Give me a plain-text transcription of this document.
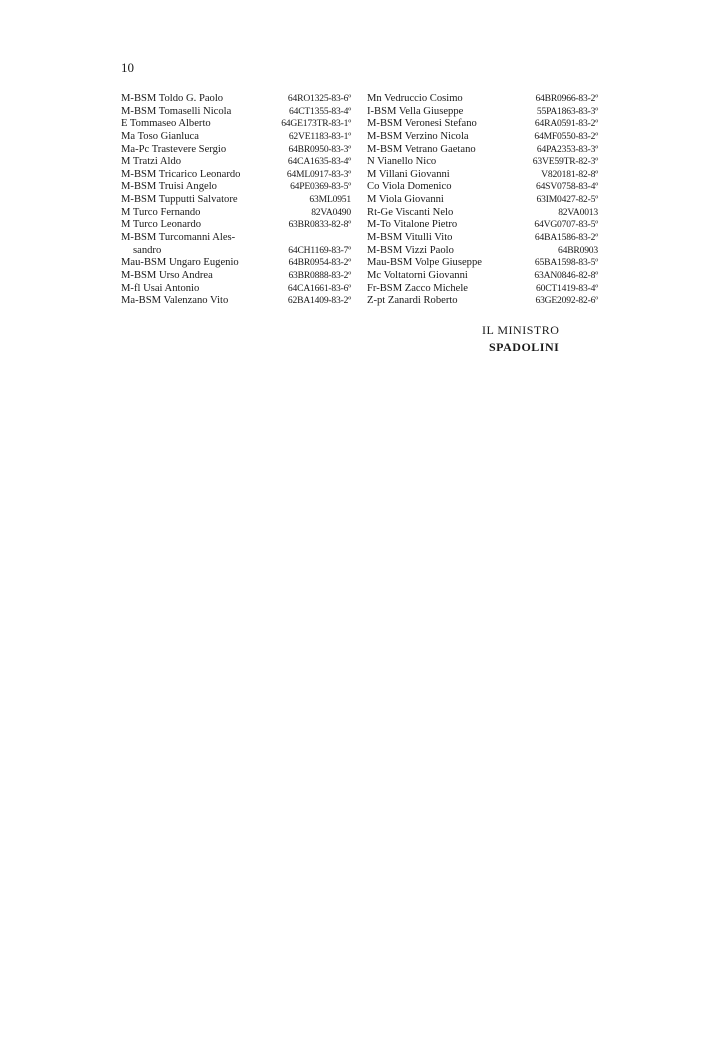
10
M-BSM Toldo G. Paolo	64RO1325-83-6º
M-BSM Tomaselli Nicola	64CT1355-83-4º
E Tommaseo Alberto	64GE173TR-83-1º
Ma Toso Gianluca	62VE1183-83-1º
Ma-Pc Trastevere Sergio	64BR0950-83-3º
M Tratzi Aldo	64CA1635-83-4º
M-BSM Tricarico Leonardo	64ML0917-83-3º
M-BSM Truisi Angelo	64PE0369-83-5º
M-BSM Tupputti Salvatore	63ML0951
M Turco Fernando	82VA0490
M Turco Leonardo	63BR0833-82-8º
M-BSM Turcomanni Ales-
sandro	64CH1169-83-7º
Mau-BSM Ungaro Eugenio	64BR0954-83-2º
M-BSM Urso Andrea	63BR0888-83-2º
M-fl Usai Antonio	64CA1661-83-6º
Ma-BSM Valenzano Vito	62BA1409-83-2º
Mn Vedruccio Cosimo	64BR0966-83-2º
I-BSM Vella Giuseppe	55PA1863-83-3º
M-BSM Veronesi Stefano	64RA0591-83-2º
M-BSM Verzino Nicola	64MF0550-83-2º
M-BSM Vetrano Gaetano	64PA2353-83-3º
N Vianello Nico	63VE59TR-82-3º
M Villani Giovanni	V820181-82-8º
Co Viola Domenico	64SV0758-83-4º
M Viola Giovanni	63IM0427-82-5º
Rt-Ge Viscanti Nelo	82VA0013
M-To Vitalone Pietro	64VG0707-83-5º
M-BSM Vitulli Vito	64BA1586-83-2º
M-BSM Vizzi Paolo	64BR0903
Mau-BSM Volpe Giuseppe	65BA1598-83-5º
Mc Voltatorni Giovanni	63AN0846-82-8º
Fr-BSM Zacco Michele	60CT1419-83-4º
Z-pt Zanardi Roberto	63GE2092-82-6º
IL MINISTRO
SPADOLINI
